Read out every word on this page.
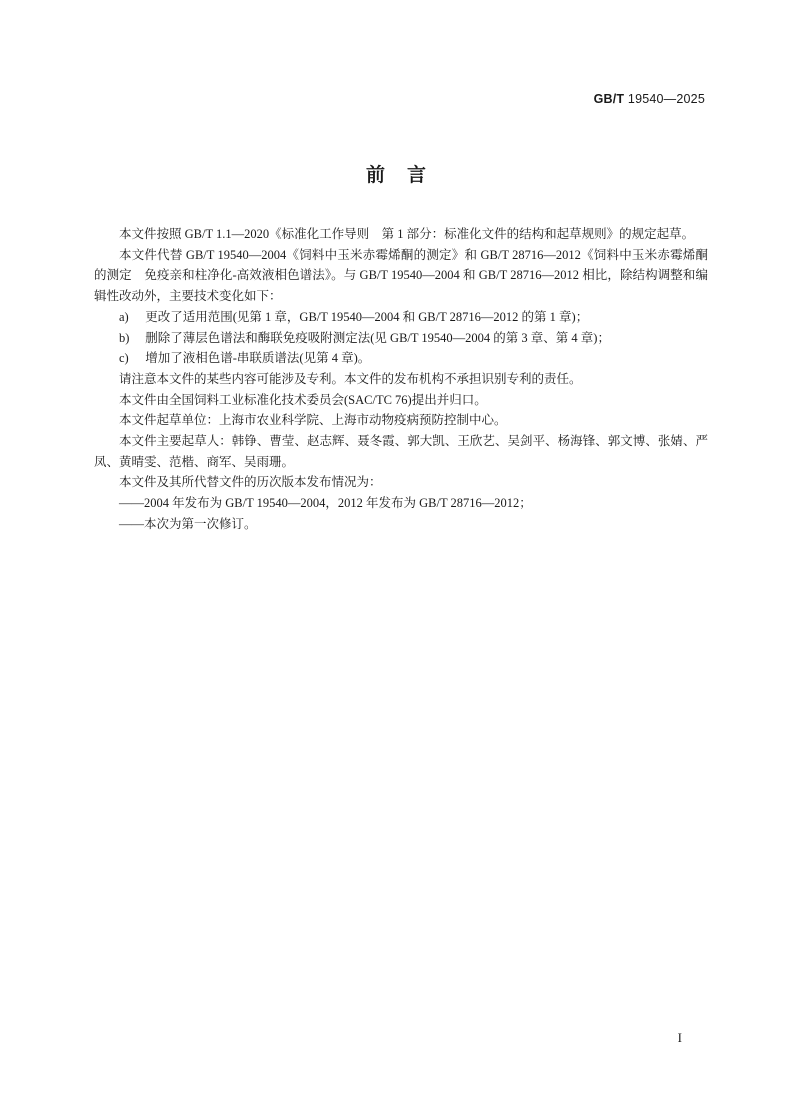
GB/T 19540—2025
前言

本文件按照 GB/T 1.1—2020《标准化工作导则　第 1 部分：标准化文件的结构和起草规则》的规定起草。

本文件代替 GB/T 19540—2004《饲料中玉米赤霉烯酮的测定》和 GB/T 28716—2012《饲料中玉米赤霉烯酮的测定　免疫亲和柱净化-高效液相色谱法》。与 GB/T 19540—2004 和 GB/T 28716—2012 相比，除结构调整和编辑性改动外，主要技术变化如下：

a) 更改了适用范围(见第 1 章，GB/T 19540—2004 和 GB/T 28716—2012 的第 1 章)；

b) 删除了薄层色谱法和酶联免疫吸附测定法(见 GB/T 19540—2004 的第 3 章、第 4 章)；

c) 增加了液相色谱-串联质谱法(见第 4 章)。

请注意本文件的某些内容可能涉及专利。本文件的发布机构不承担识别专利的责任。

本文件由全国饲料工业标准化技术委员会(SAC/TC 76)提出并归口。

本文件起草单位：上海市农业科学院、上海市动物疫病预防控制中心。

本文件主要起草人：韩铮、曹莹、赵志辉、聂冬霞、郭大凯、王欣艺、吴剑平、杨海锋、郭文博、张婧、严凤、黄晴雯、范楷、商军、吴雨珊。

本文件及其所代替文件的历次版本发布情况为：

——2004 年发布为 GB/T 19540—2004，2012 年发布为 GB/T 28716—2012；

——本次为第一次修订。

I
